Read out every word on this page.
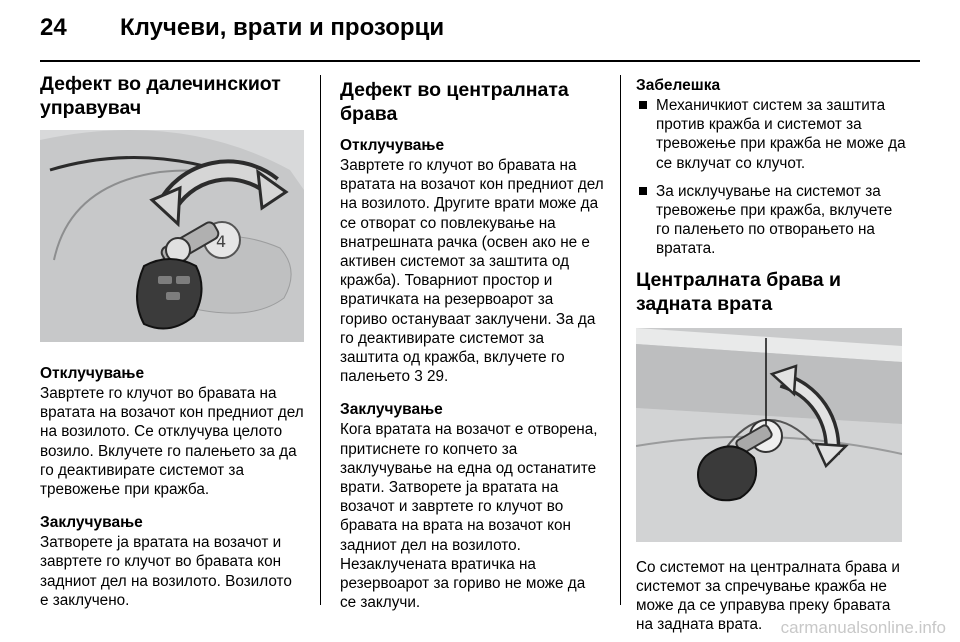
24 Клучеви, врати и прозорци
Дефект во далечинскиот управувач
4
Отклучување

Завртете го клучот во бравата на вратата на возачот кон предниот дел на возилото. Се отклучува целото возило. Вклучете го палењето за да го деактивирате системот за тревожење при кражба.

Заклучување

Затворете ја вратата на возачот и завртете го клучот во бравата кон задниот дел на возилото. Возилото е заклучено.

Дефект во централната брава
Отклучување

Завртете го клучот во бравата на вратата на возачот кон предниот дел на возилото. Другите врати може да се отворат со повлекување на внатрешната рачка (освен ако не е активен системот за заштита од кражба). Товарниот простор и вратичката на резервоарот за гориво остануваат заклучени. За да го деактивирате системот за заштита од кражба, вклучете го палењето 3 29.

Заклучување

Кога вратата на возачот е отворена, притиснете го копчето за заклучување на една од останатите врати. Затворете ја вратата на возачот и завртете го клучот во бравата на врата на возачот кон задниот дел на возилото. Незаклучената вратичка на резервоарот за гориво не може да се заклучи.

Забелешка
Механичкиот систем за заштита против кражба и системот за тревожење при кражба не може да се вклучат со клучот.
За исклучување на системот за тревожење при кражба, вклучете го палењето по отворањето на вратата.
Централната брава и задната врата

Со системот на централната брава и системот за спречување кражба не може да се управува преку бравата на задната врата.	carmanualsonline.info
